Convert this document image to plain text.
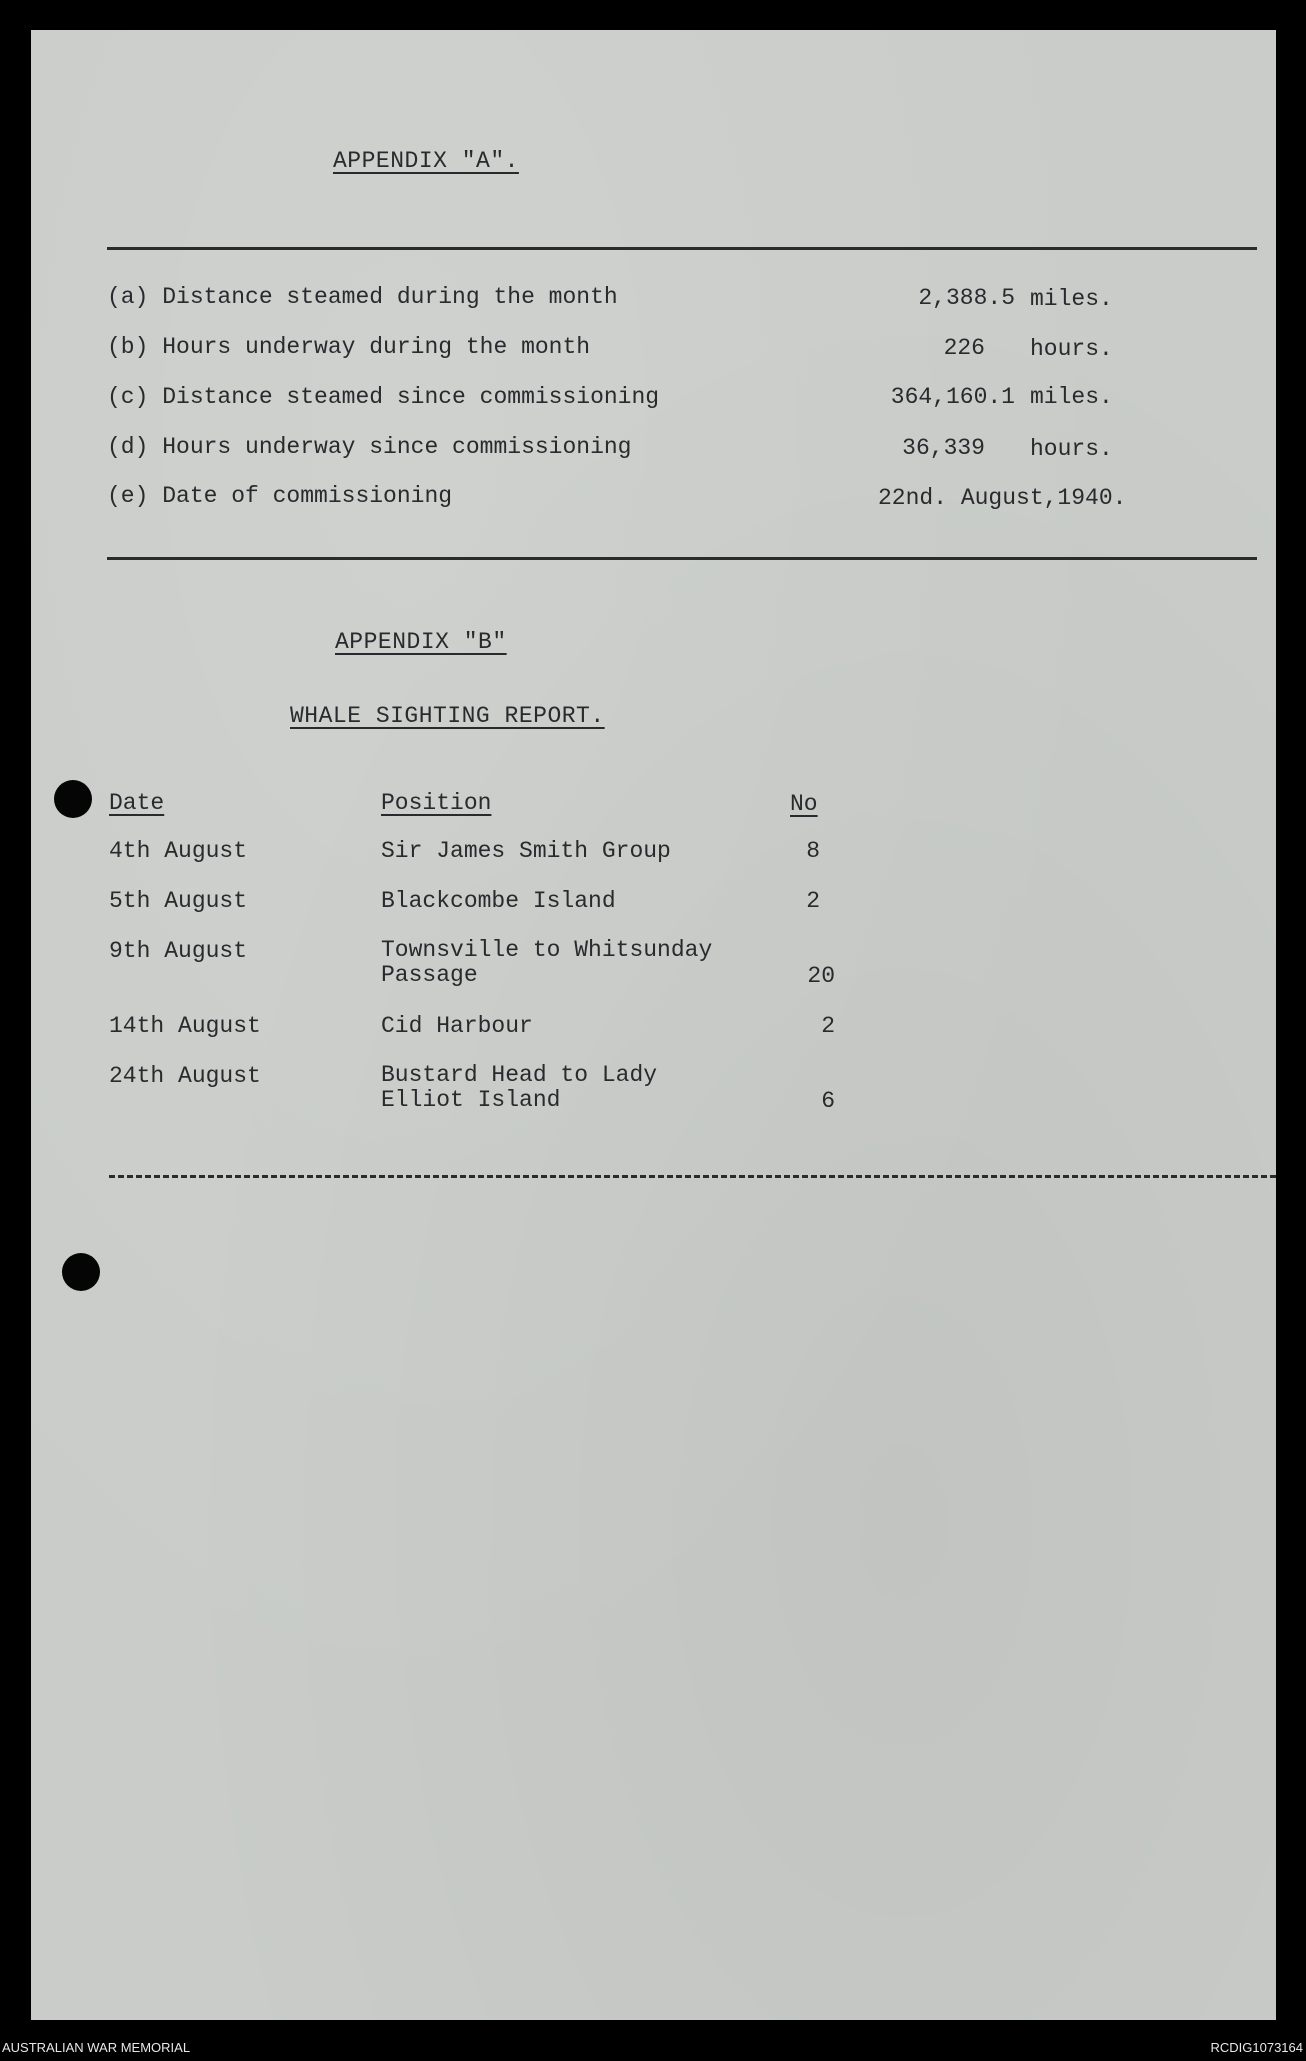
APPENDIX "A".
(a) Distance steamed during the month	2,388.5 miles.
(b) Hours underway during the month	226 hours.
(c) Distance steamed since commissioning	364,160.1 miles.
(d) Hours underway since commissioning	36,339 hours.
(e) Date of commissioning	22nd. August,1940.
APPENDIX "B"
WHALE SIGHTING REPORT.
Date	Position	No
4th August	Sir James Smith Group	8
5th August	Blackcombe Island	2
9th August	Townsville to Whitsunday
Passage	20
14th August	Cid Harbour	2
24th August	Bustard Head to Lady
Elliot Island	6
AUSTRALIAN WAR MEMORIAL	RCDIG1073164
